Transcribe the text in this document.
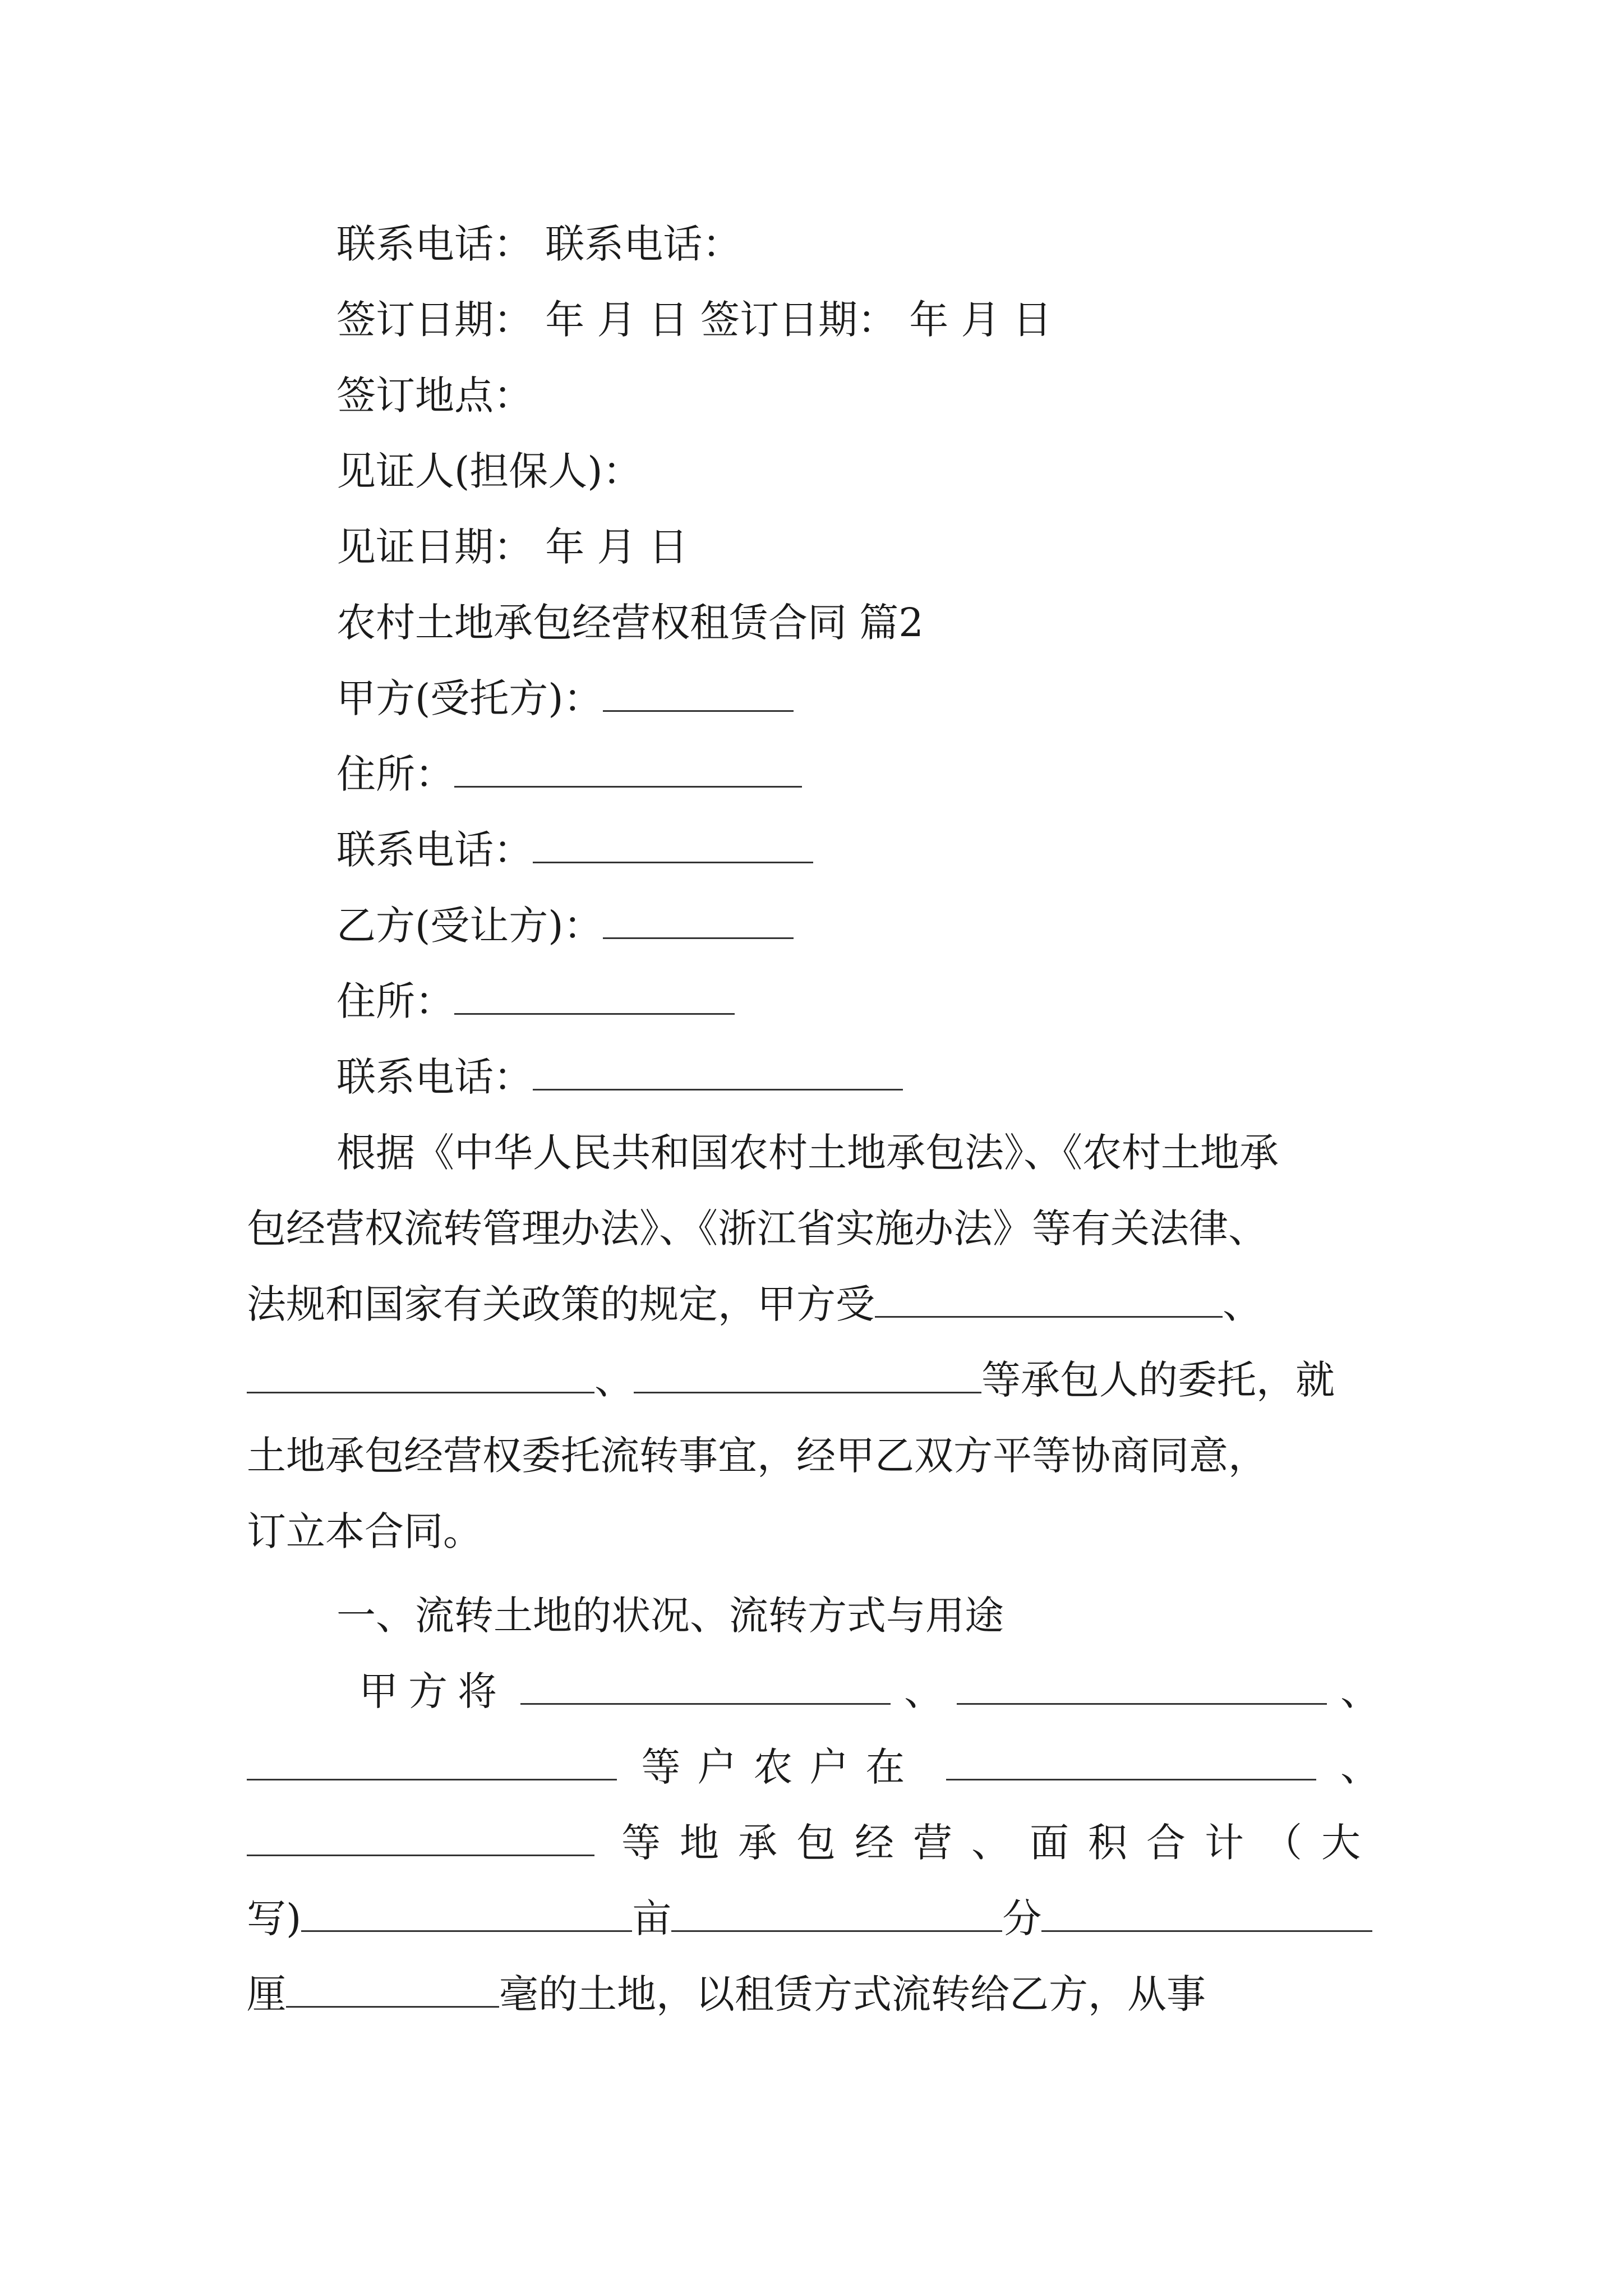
联系电话： 联系电话：
签订日期： 年 月 日 签订日期： 年 月 日
签订地点：
见证人(担保人)：
见证日期： 年 月 日
农村土地承包经营权租赁合同 篇2
甲方(受托方)：
住所：
联系电话：
乙方(受让方)：
住所：
联系电话：
根据《中华人民共和国农村土地承包法》、《农村土地承
包经营权流转管理办法》、《浙江省实施办法》等有关法律、
法规和国家有关政策的规定，甲方受	、
、	等承包人的委托，就
土地承包经营权委托流转事宜，经甲乙双方平等协商同意，
订立本合同。
一、流转土地的状况、流转方式与用途
甲方将	、	、
等户农户在	、
等地承包经营、面积合计（大
写)	亩	分
厘	毫的土地，以租赁方式流转给乙方，从事
